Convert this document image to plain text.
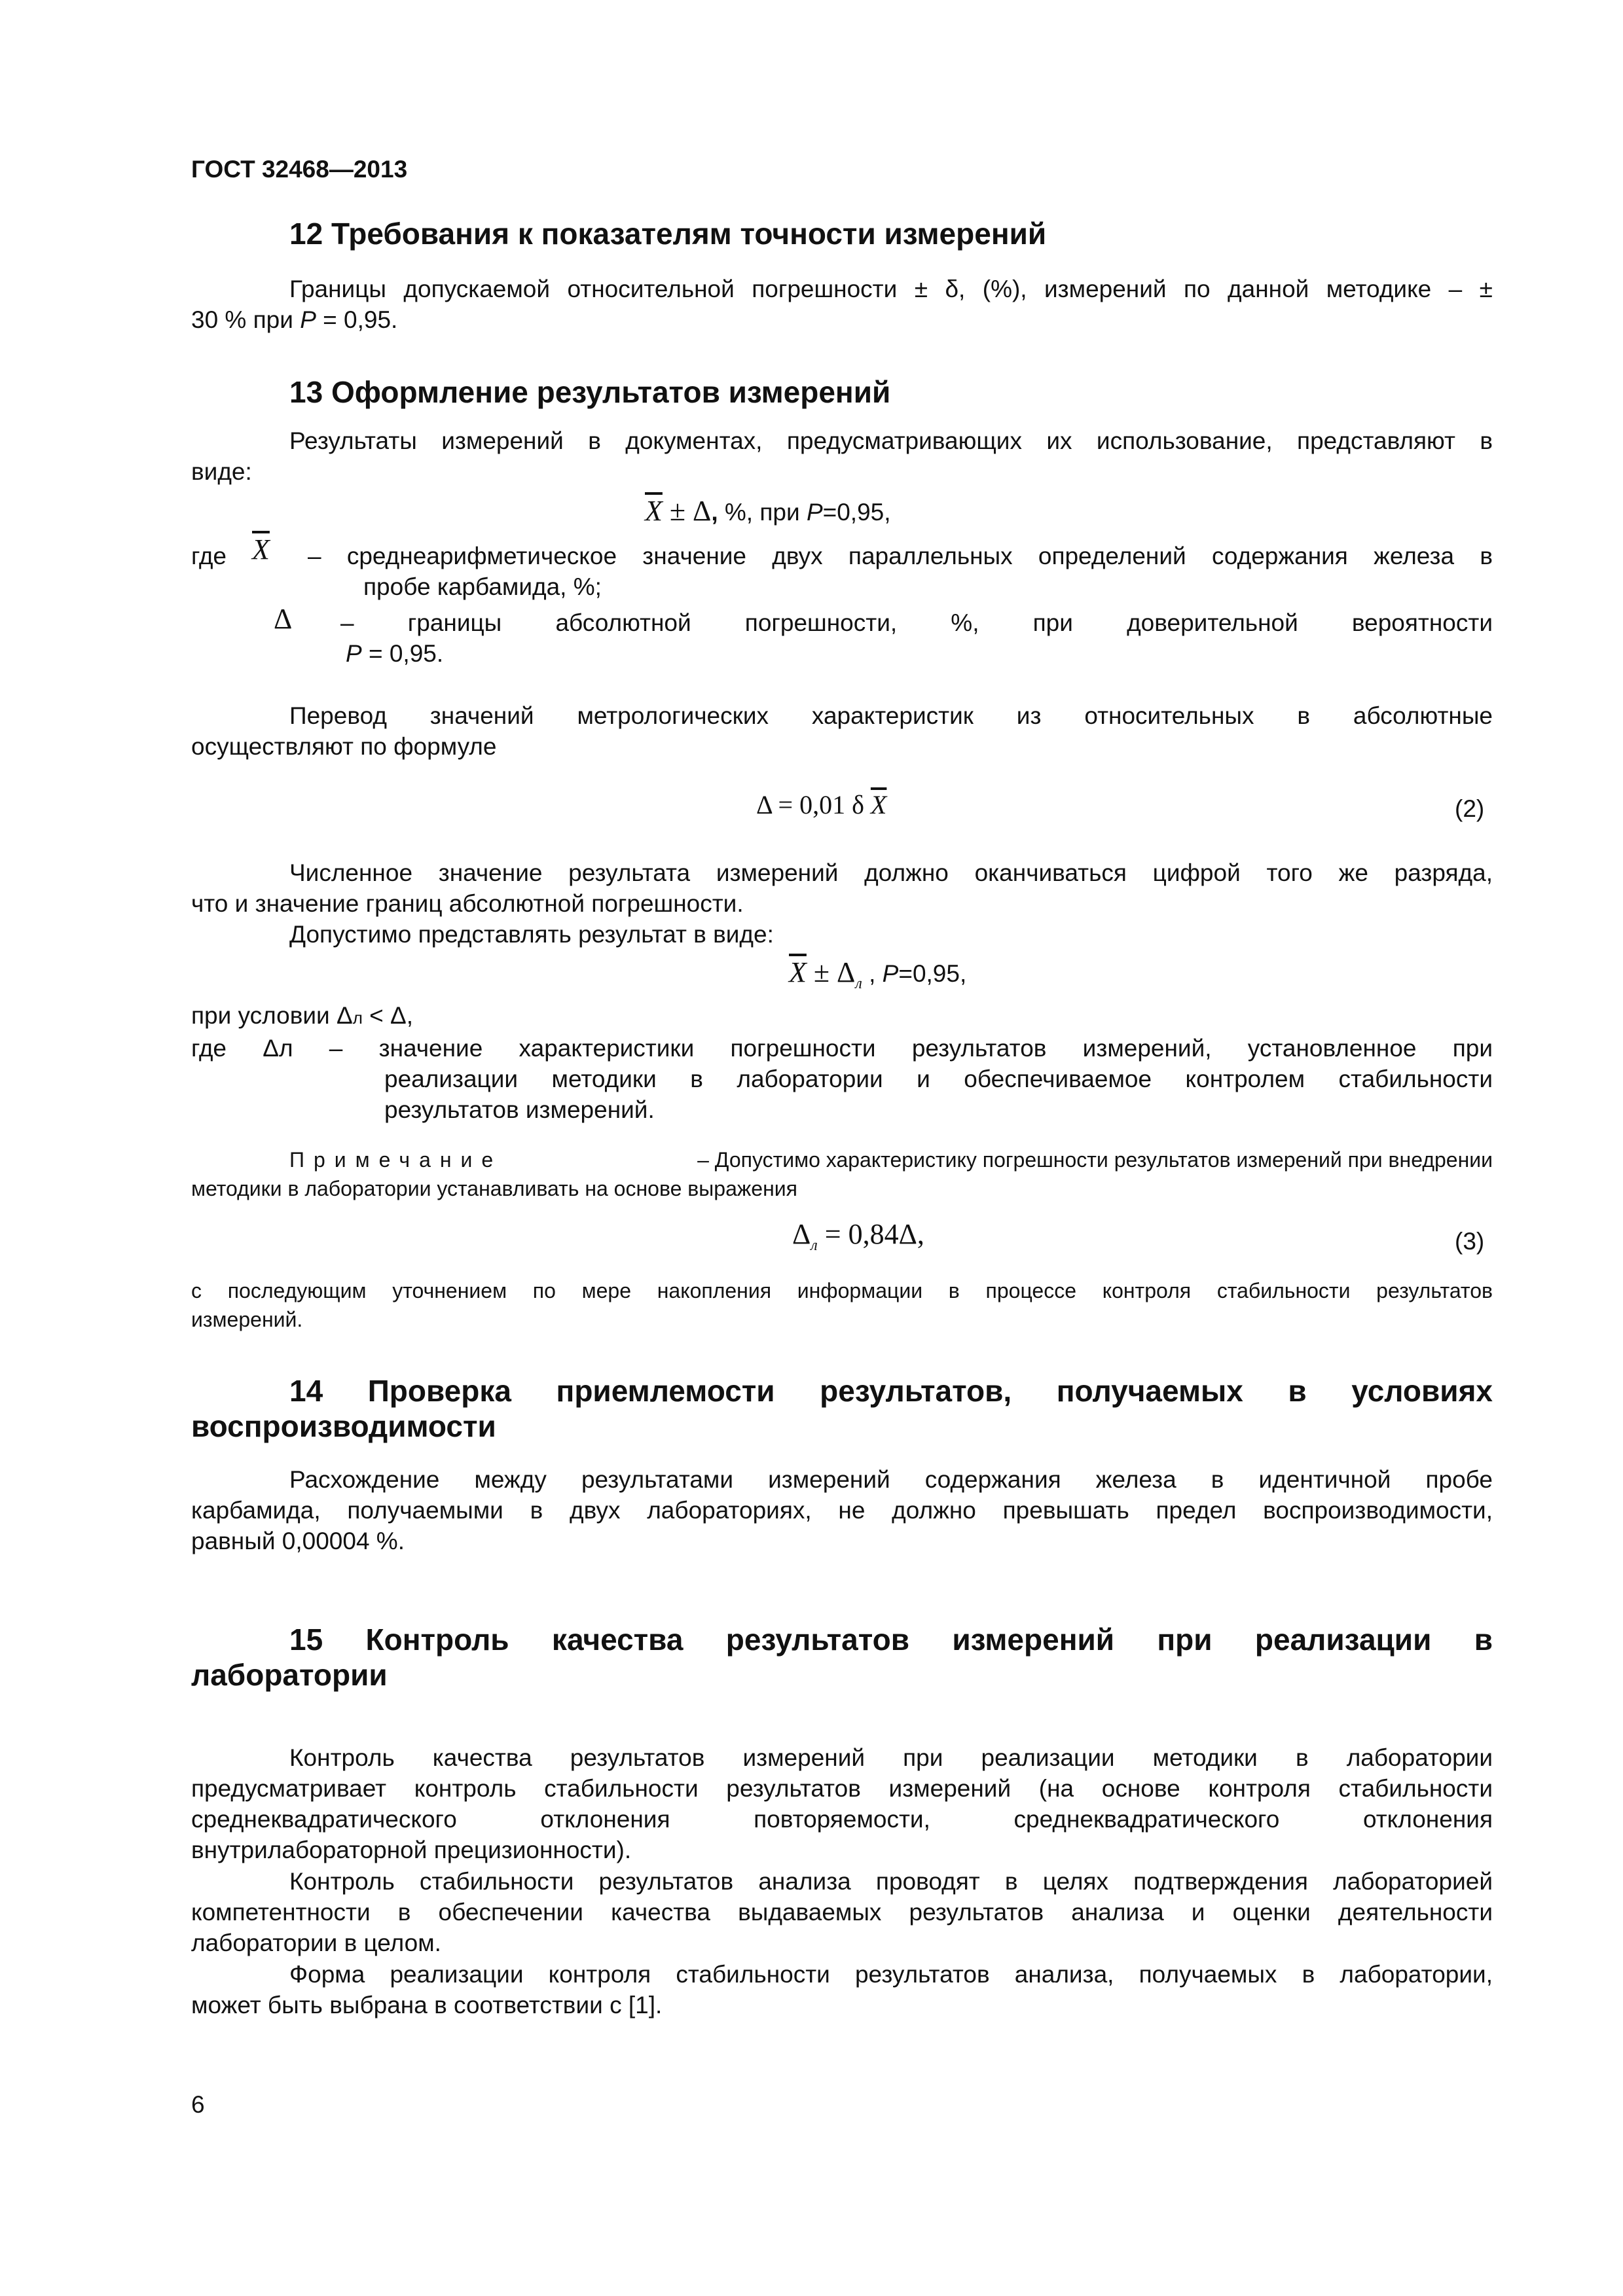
ГОСТ 32468—2013
12 Требования к показателям точности измерений
Границы допускаемой относительной погрешности ± δ, (%), измерений по данной методике – ±
30 % при P = 0,95.
13 Оформление результатов измерений
Результаты измерений в документах, предусматривающих их использование, представляют в
виде:
$\overline{X} \pm \Delta$, %, при P=0,95,
где $\overline{X}$ – среднеарифметическое значение двух параллельных определений содержания железа в
пробе карбамида, %;
Δ – границы абсолютной погрешности, %, при доверительной вероятности
P = 0,95.
Перевод значений метрологических характеристик из относительных в абсолютные
осуществляют по формуле
Δ = 0,01 δ $\overline{X}$	(2)
Численное значение результата измерений должно оканчиваться цифрой того же разряда,
что и значение границ абсолютной погрешности.
Допустимо представлять результат в виде:
$\overline{X} \pm \Delta_л$ , P=0,95,
при условии Δл < Δ,
где Δл – значение характеристики погрешности результатов измерений, установленное при
реализации методики в лаборатории и обеспечиваемое контролем стабильности
результатов измерений.
Примечание	– Допустимо характеристику погрешности результатов измерений при внедрении
методики в лаборатории устанавливать на основе выражения
$\Delta_л = 0,84\Delta$,	(3)
с последующим уточнением по мере накопления информации в процессе контроля стабильности результатов
измерений.
14 Проверка приемлемости результатов, получаемых в условиях
воспроизводимости
Расхождение между результатами измерений содержания железа в идентичной пробе
карбамида, получаемыми в двух лабораториях, не должно превышать предел воспроизводимости,
равный 0,00004 %.
15 Контроль качества результатов измерений при реализации в
лаборатории
Контроль качества результатов измерений при реализации методики в лаборатории
предусматривает контроль стабильности результатов измерений (на основе контроля стабильности
среднеквадратического отклонения повторяемости, среднеквадратического отклонения
внутрилабораторной прецизионности).
Контроль стабильности результатов анализа проводят в целях подтверждения лабораторией
компетентности в обеспечении качества выдаваемых результатов анализа и оценки деятельности
лаборатории в целом.
Форма реализации контроля стабильности результатов анализа, получаемых в лаборатории,
может быть выбрана в соответствии с [1].
6
